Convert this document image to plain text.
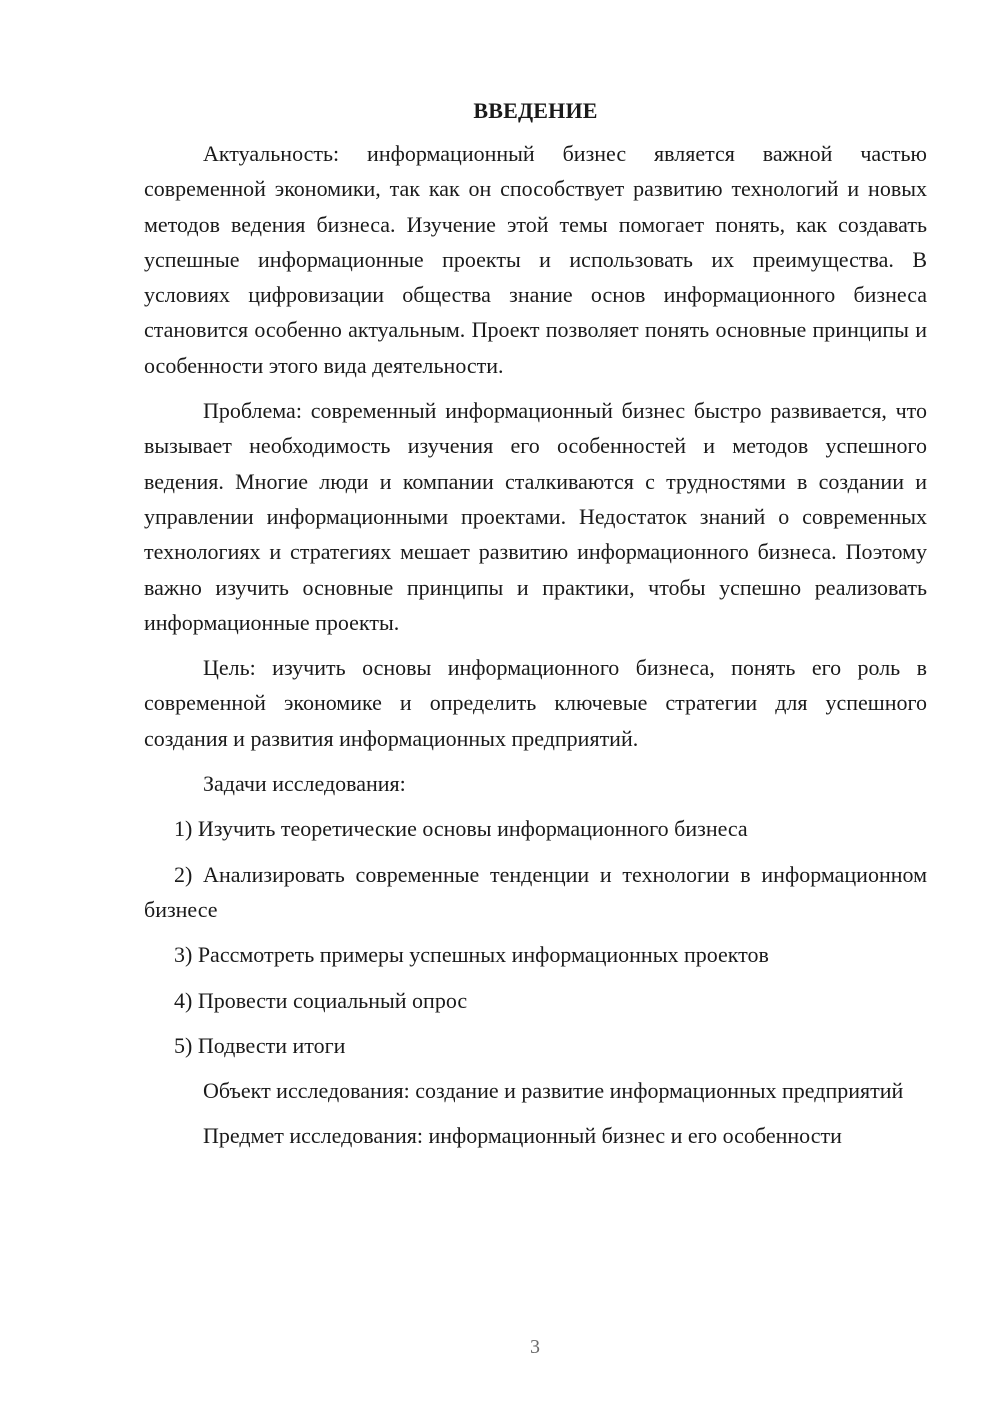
ВВЕДЕНИЕ

Актуальность: информационный бизнес является важной частью современной экономики, так как он способствует развитию технологий и новых методов ведения бизнеса. Изучение этой темы помогает понять, как создавать успешные информационные проекты и использовать их преимущества. В условиях цифровизации общества знание основ информационного бизнеса становится особенно актуальным. Проект позволяет понять основные принципы и особенности этого вида деятельности.

Проблема: современный информационный бизнес быстро развивается, что вызывает необходимость изучения его особенностей и методов успешного ведения. Многие люди и компании сталкиваются с трудностями в создании и управлении информационными проектами. Недостаток знаний о современных технологиях и стратегиях мешает развитию информационного бизнеса. Поэтому важно изучить основные принципы и практики, чтобы успешно реализовать информационные проекты.

Цель: изучить основы информационного бизнеса, понять его роль в современной экономике и определить ключевые стратегии для успешного создания и развития информационных предприятий.

Задачи исследования:

1) Изучить теоретические основы информационного бизнеса

2) Анализировать современные тенденции и технологии в информационном бизнесе

3) Рассмотреть примеры успешных информационных проектов

4) Провести социальный опрос

5) Подвести итоги

Объект исследования: создание и развитие информационных предприятий

Предмет исследования: информационный бизнес и его особенности

3
